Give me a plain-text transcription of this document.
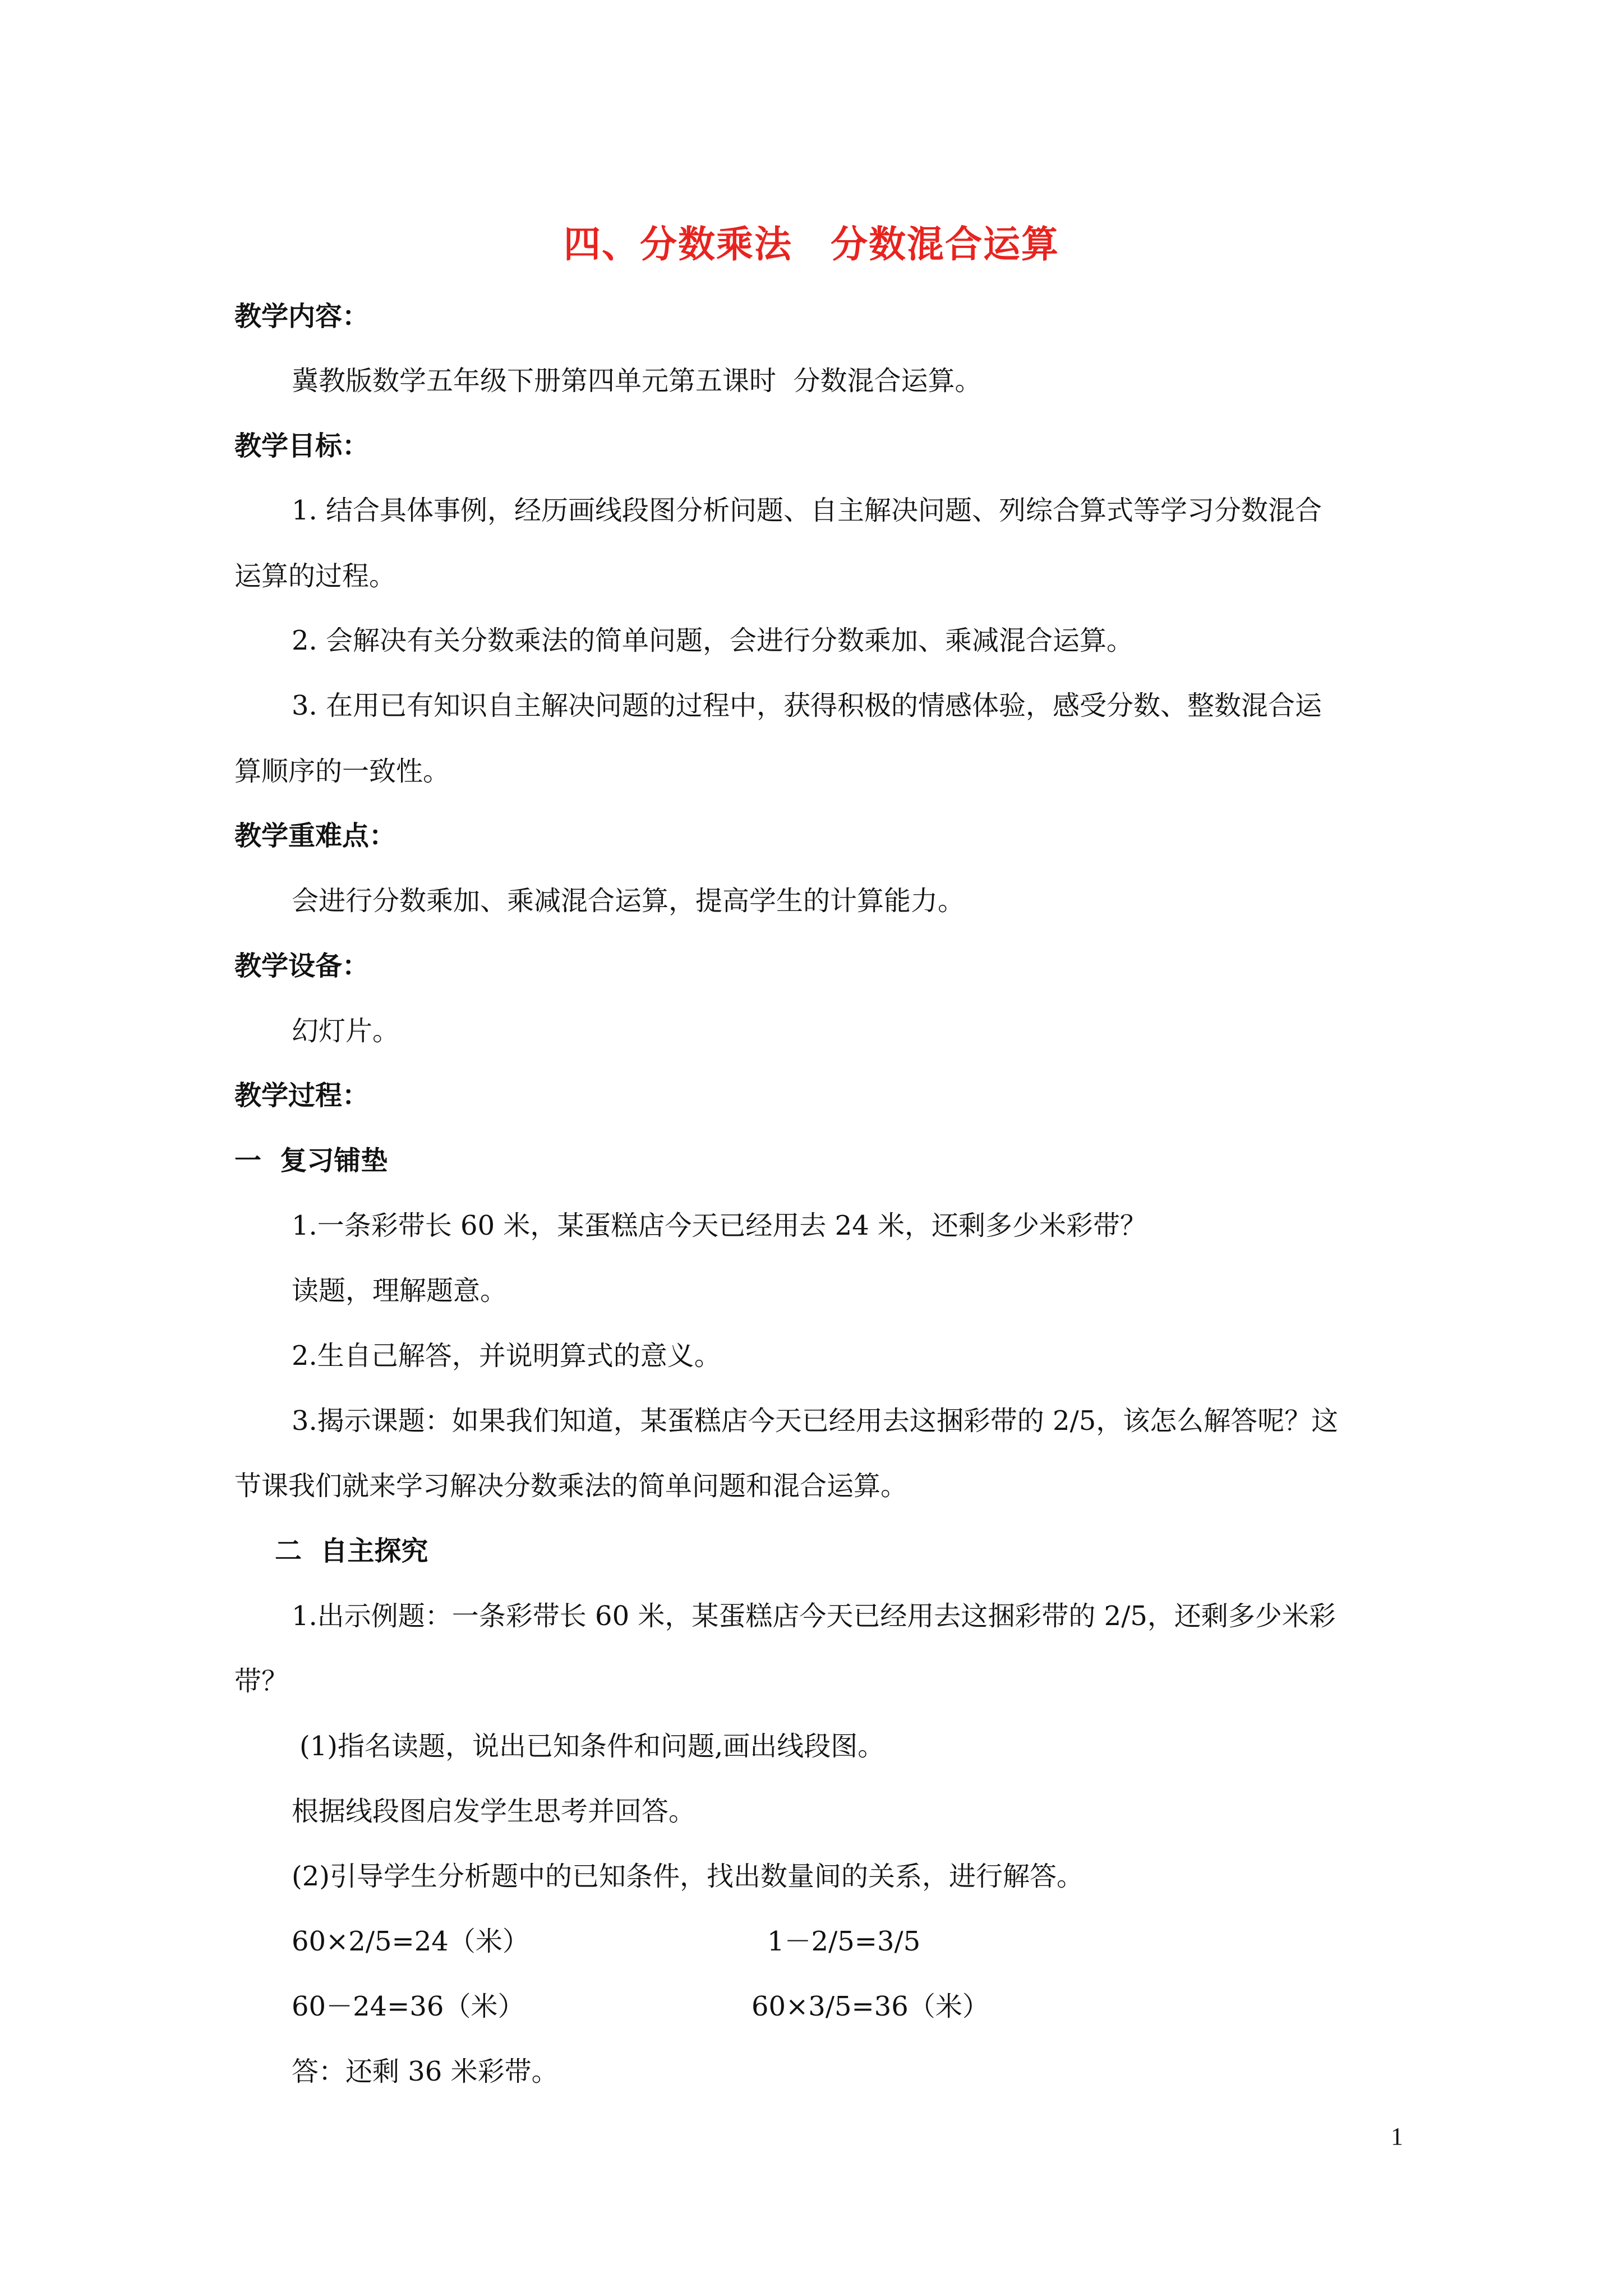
四、分数乘法　分数混合运算
教学内容：
冀教版数学五年级下册第四单元第五课时  分数混合运算。
教学目标：
1. 结合具体事例，经历画线段图分析问题、自主解决问题、列综合算式等学习分数混合
运算的过程。
2. 会解决有关分数乘法的简单问题，会进行分数乘加、乘减混合运算。
3. 在用已有知识自主解决问题的过程中，获得积极的情感体验，感受分数、整数混合运
算顺序的一致性。
教学重难点：
会进行分数乘加、乘减混合运算，提高学生的计算能力。
教学设备：
幻灯片。
教学过程：
一  复习铺垫
1.一条彩带长 60 米，某蛋糕店今天已经用去 24 米，还剩多少米彩带？
读题，理解题意。
2.生自己解答，并说明算式的意义。
3.揭示课题：如果我们知道，某蛋糕店今天已经用去这捆彩带的 2/5，该怎么解答呢？这
节课我们就来学习解决分数乘法的简单问题和混合运算。
二  自主探究
1.出示例题：一条彩带长 60 米，某蛋糕店今天已经用去这捆彩带的 2/5，还剩多少米彩
带？
(1)指名读题，说出已知条件和问题,画出线段图。
根据线段图启发学生思考并回答。
(2)引导学生分析题中的已知条件，找出数量间的关系，进行解答。
60×2/5=24（米）	1－2/5=3/5
60－24=36（米）	60×3/5=36（米）
答：还剩 36 米彩带。
1
